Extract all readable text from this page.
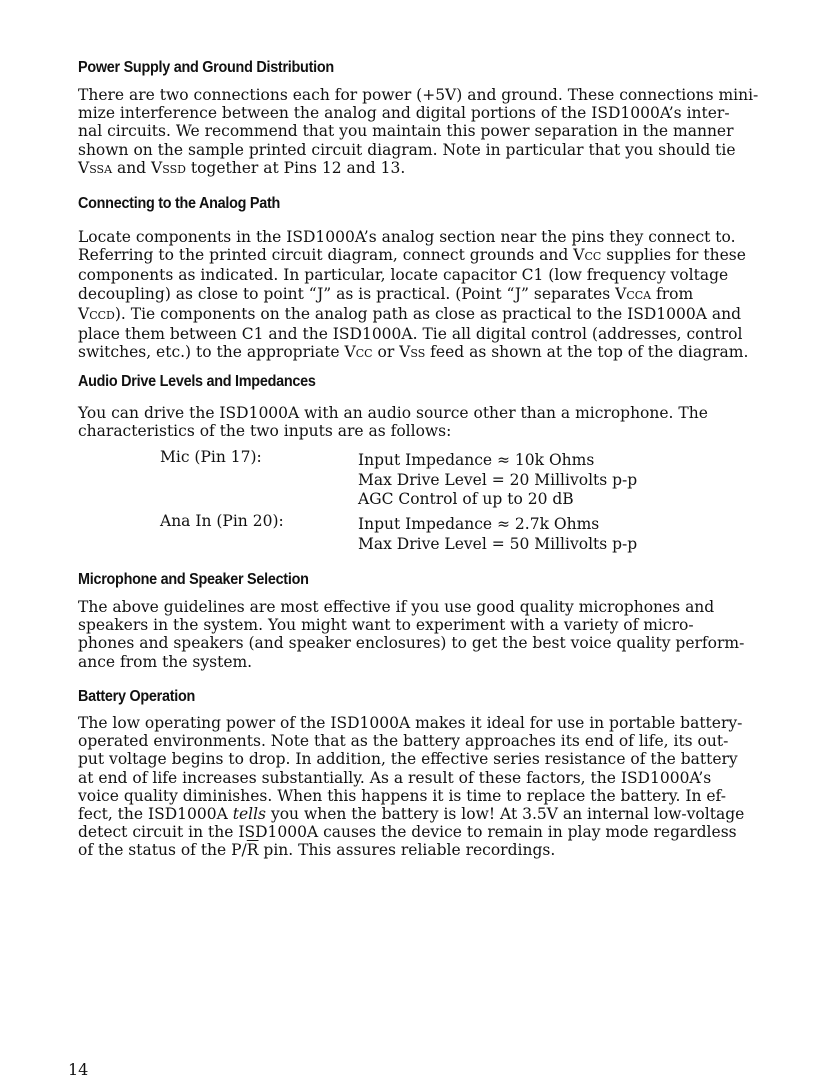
Power Supply and Ground Distribution

There are two connections each for power (+5V) and ground. These connections mini-
mize interference between the analog and digital portions of the ISD1000A’s inter-
nal circuits. We recommend that you maintain this power separation in the manner
shown on the sample printed circuit diagram. Note in particular that you should tie
VSSA and VSSD together at Pins 12 and 13.

Connecting to the Analog Path

Locate components in the ISD1000A’s analog section near the pins they connect to.
Referring to the printed circuit diagram, connect grounds and VCC supplies for these
components as indicated. In particular, locate capacitor C1 (low frequency voltage
decoupling) as close to point “J” as is practical. (Point “J” separates VCCA from
VCCD). Tie components on the analog path as close as practical to the ISD1000A and
place them between C1 and the ISD1000A. Tie all digital control (addresses, control
switches, etc.) to the appropriate VCC or VSS feed as shown at the top of the diagram.

Audio Drive Levels and Impedances

You can drive the ISD1000A with an audio source other than a microphone. The
characteristics of the two inputs are as follows:

Mic (Pin 17):	Input Impedance ≈ 10k Ohms

Max Drive Level = 20 Millivolts p-p

AGC Control of up to 20 dB

Ana In (Pin 20):	Input Impedance ≈ 2.7k Ohms

Max Drive Level = 50 Millivolts p-p

Microphone and Speaker Selection

The above guidelines are most effective if you use good quality microphones and
speakers in the system. You might want to experiment with a variety of micro-
phones and speakers (and speaker enclosures) to get the best voice quality perform-
ance from the system.

Battery Operation

The low operating power of the ISD1000A makes it ideal for use in portable battery-
operated environments. Note that as the battery approaches its end of life, its out-
put voltage begins to drop. In addition, the effective series resistance of the battery
at end of life increases substantially. As a result of these factors, the ISD1000A’s
voice quality diminishes. When this happens it is time to replace the battery. In ef-
fect, the ISD1000A tells you when the battery is low! At 3.5V an internal low-voltage
detect circuit in the ISD1000A causes the device to remain in play mode regardless
of the status of the $P/\overline{R}$ pin. This assures reliable recordings.

14
